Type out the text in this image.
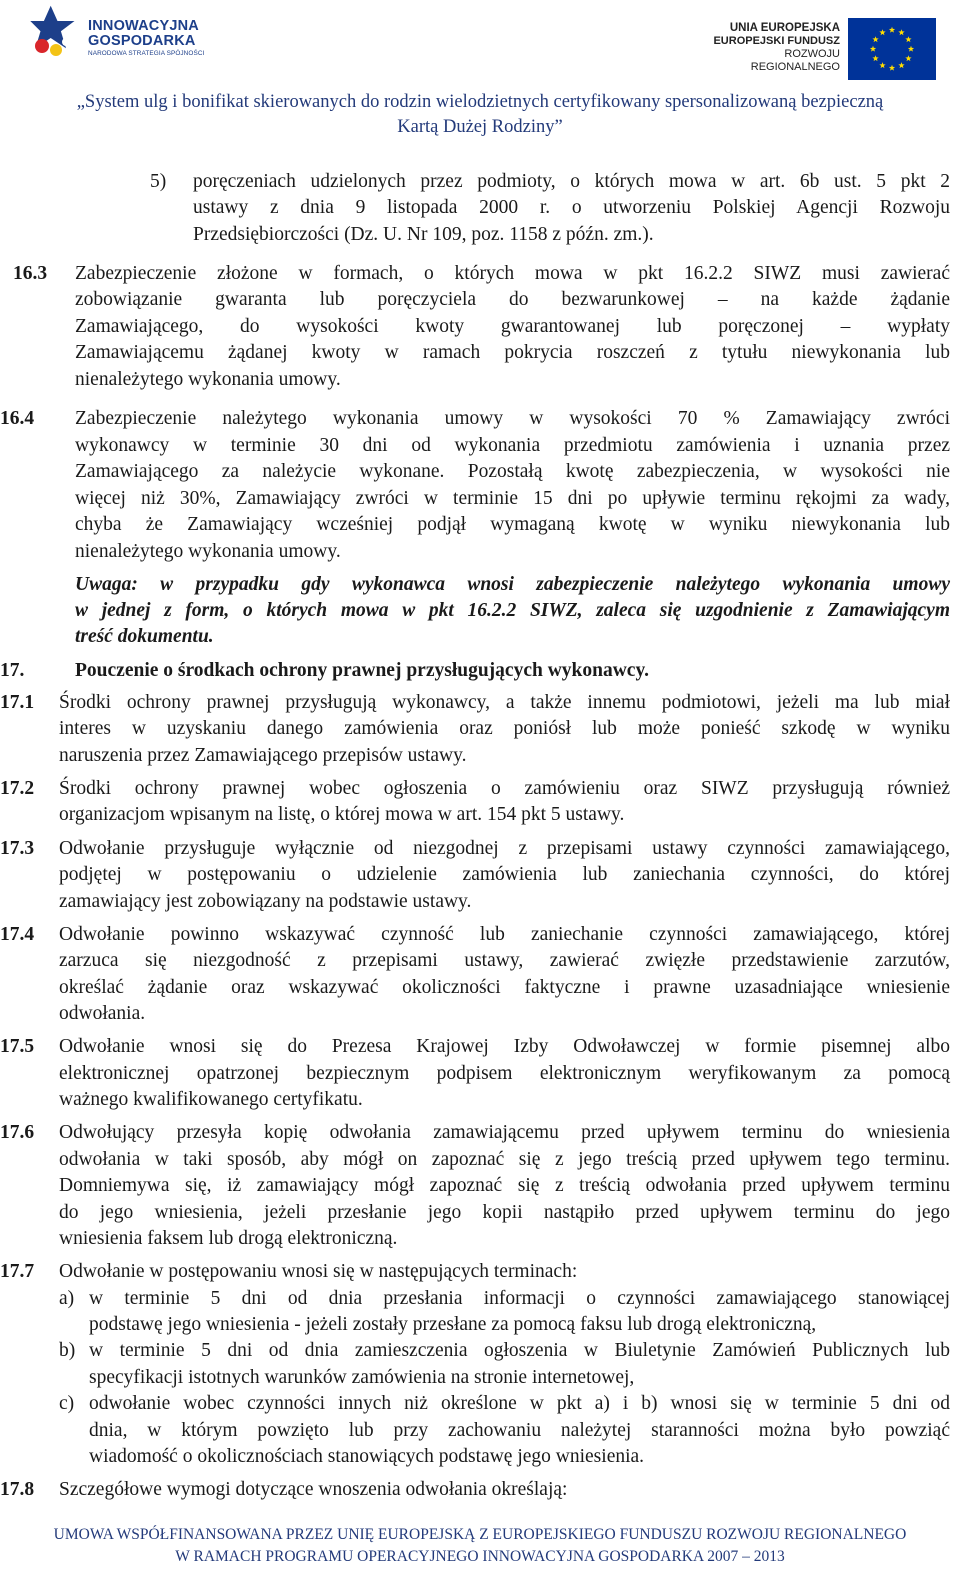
INNOWACYJNA
GOSPODARKA
NARODOWA STRATEGIA SPÓJNOŚCI
UNIA EUROPEJSKA
EUROPEJSKI FUNDUSZ
ROZWOJU REGIONALNEGO
„System ulg i bonifikat skierowanych do rodzin wielodzietnych certyfikowany spersonalizowaną bezpieczną
Kartą Dużej Rodziny”
5) poręczeniach udzielonych przez podmioty, o których mowa w art. 6b ust. 5 pkt 2
ustawy z dnia 9 listopada 2000 r. o utworzeniu Polskiej Agencji Rozwoju
Przedsiębiorczości (Dz. U. Nr 109, poz. 1158 z późn. zm.).
16.3 Zabezpieczenie złożone w formach, o których mowa w pkt 16.2.2 SIWZ musi zawierać
zobowiązanie gwaranta lub poręczyciela do bezwarunkowej – na każde żądanie
Zamawiającego, do wysokości kwoty gwarantowanej lub poręczonej – wypłaty
Zamawiającemu żądanej kwoty w ramach pokrycia roszczeń z tytułu niewykonania lub
nienależytego wykonania umowy.
16.4 Zabezpieczenie należytego wykonania umowy w wysokości 70 % Zamawiający zwróci
wykonawcy w terminie 30 dni od wykonania przedmiotu zamówienia i uznania przez
Zamawiającego za należycie wykonane. Pozostałą kwotę zabezpieczenia, w wysokości nie
więcej niż 30%, Zamawiający zwróci w terminie 15 dni po upływie terminu rękojmi za wady,
chyba że Zamawiający wcześniej podjął wymaganą kwotę w wyniku niewykonania lub
nienależytego wykonania umowy.
Uwaga: w przypadku gdy wykonawca wnosi zabezpieczenie należytego wykonania umowy
w jednej z form, o których mowa w pkt 16.2.2 SIWZ, zaleca się uzgodnienie z Zamawiającym
treść dokumentu.
17.	Pouczenie o środkach ochrony prawnej przysługujących wykonawcy.
17.1 Środki ochrony prawnej przysługują wykonawcy, a także innemu podmiotowi, jeżeli ma lub miał
interes w uzyskaniu danego zamówienia oraz poniósł lub może ponieść szkodę w wyniku
naruszenia przez Zamawiającego przepisów ustawy.
17.2 Środki ochrony prawnej wobec ogłoszenia o zamówieniu oraz SIWZ przysługują również
organizacjom wpisanym na listę, o której mowa w art. 154 pkt 5 ustawy.
17.3 Odwołanie przysługuje wyłącznie od niezgodnej z przepisami ustawy czynności zamawiającego,
podjętej w postępowaniu o udzielenie zamówienia lub zaniechania czynności, do której
zamawiający jest zobowiązany na podstawie ustawy.
17.4 Odwołanie powinno wskazywać czynność lub zaniechanie czynności zamawiającego, której
zarzuca się niezgodność z przepisami ustawy, zawierać zwięzłe przedstawienie zarzutów,
określać żądanie oraz wskazywać okoliczności faktyczne i prawne uzasadniające wniesienie
odwołania.
17.5 Odwołanie wnosi się do Prezesa Krajowej Izby Odwoławczej w formie pisemnej albo
elektronicznej opatrzonej bezpiecznym podpisem elektronicznym weryfikowanym za pomocą
ważnego kwalifikowanego certyfikatu.
17.6 Odwołujący przesyła kopię odwołania zamawiającemu przed upływem terminu do wniesienia
odwołania w taki sposób, aby mógł on zapoznać się z jego treścią przed upływem tego terminu.
Domniemywa się, iż zamawiający mógł zapoznać się z treścią odwołania przed upływem terminu
do jego wniesienia, jeżeli przesłanie jego kopii nastąpiło przed upływem terminu do jego
wniesienia faksem lub drogą elektroniczną.
17.7 Odwołanie w postępowaniu wnosi się w następujących terminach:
a) w terminie 5 dni od dnia przesłania informacji o czynności zamawiającego stanowiącej
podstawę jego wniesienia - jeżeli zostały przesłane za pomocą faksu lub drogą elektroniczną,
b) w terminie 5 dni od dnia zamieszczenia ogłoszenia w Biuletynie Zamówień Publicznych lub
specyfikacji istotnych warunków zamówienia na stronie internetowej,
c) odwołanie wobec czynności innych niż określone w pkt a) i b) wnosi się w terminie 5 dni od
dnia, w którym powzięto lub przy zachowaniu należytej staranności można było powziąć
wiadomość o okolicznościach stanowiących podstawę jego wniesienia.
17.8 Szczegółowe wymogi dotyczące wnoszenia odwołania określają:
UMOWA WSPÓŁFINANSOWANA PRZEZ UNIĘ EUROPEJSKĄ Z EUROPEJSKIEGO FUNDUSZU ROZWOJU REGIONALNEGO
W RAMACH PROGRAMU OPERACYJNEGO INNOWACYJNA GOSPODARKA 2007 – 2013
